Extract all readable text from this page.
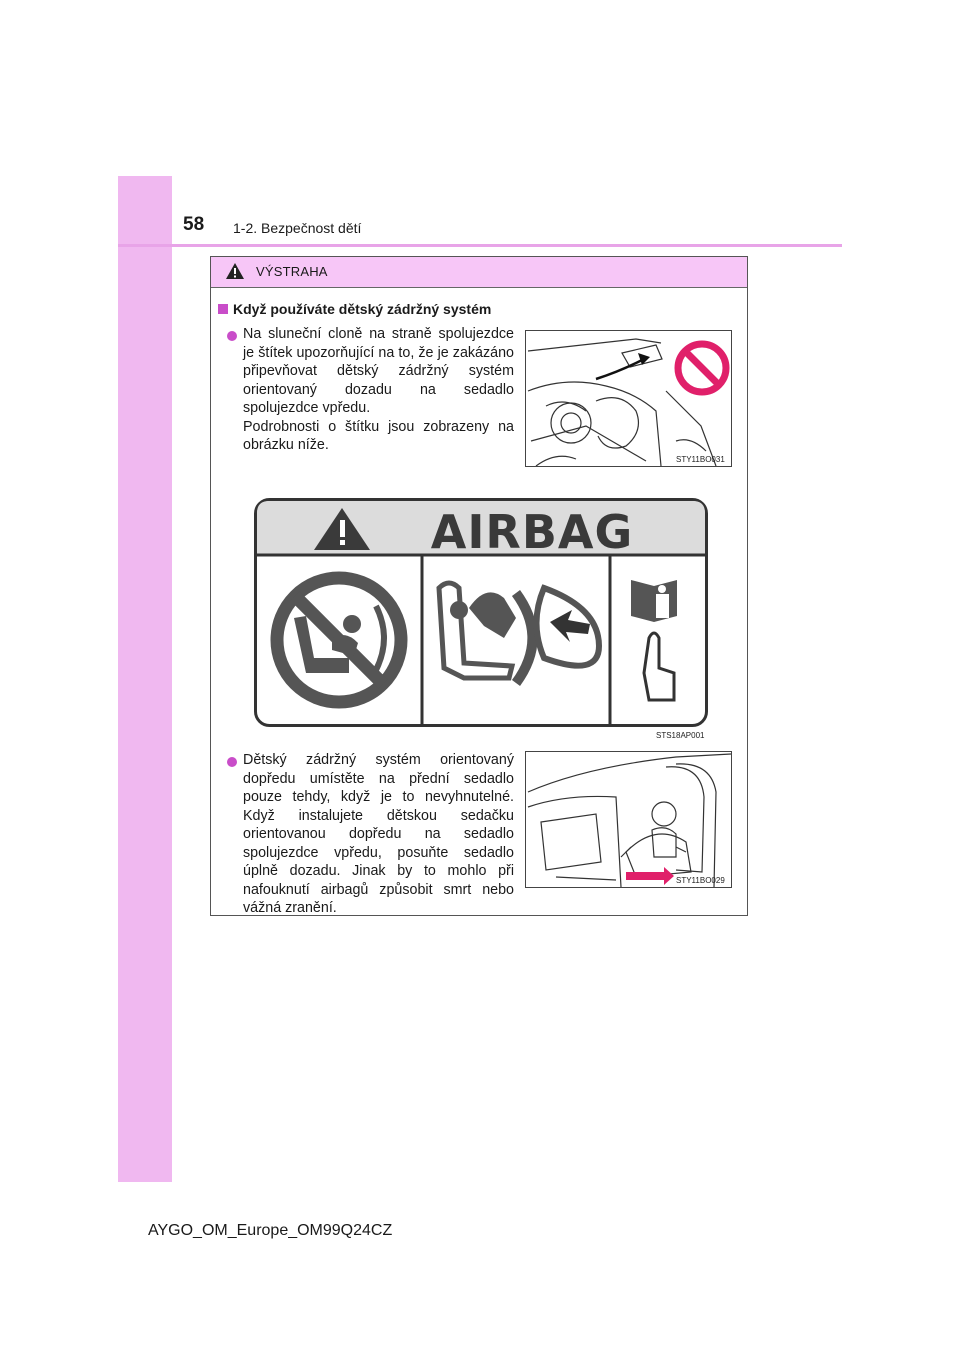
58 1-2. Bezpečnost dětí
VÝSTRAHA
Když používáte dětský zádržný systém
Na sluneční cloně na straně spolujezdce je štítek upozorňující na to, že je zakázáno připevňovat dětský zádržný systém orientovaný dozadu na sedadlo spolujezdce vpředu.
Podrobnosti o štítku jsou zobrazeny na obrázku níže.
STY11BO031
AIRBAG
STS18AP001
Dětský zádržný systém orientovaný dopředu umístěte na přední sedadlo pouze tehdy, když je to nevyhnutelné. Když instalujete dětskou sedačku orientovanou dopředu na sedadlo spolujezdce vpředu, posuňte sedadlo úplně dozadu. Jinak by to mohlo při nafouknutí airbagů způsobit smrt nebo vážná zranění.
STY11BO029
AYGO_OM_Europe_OM99Q24CZ
